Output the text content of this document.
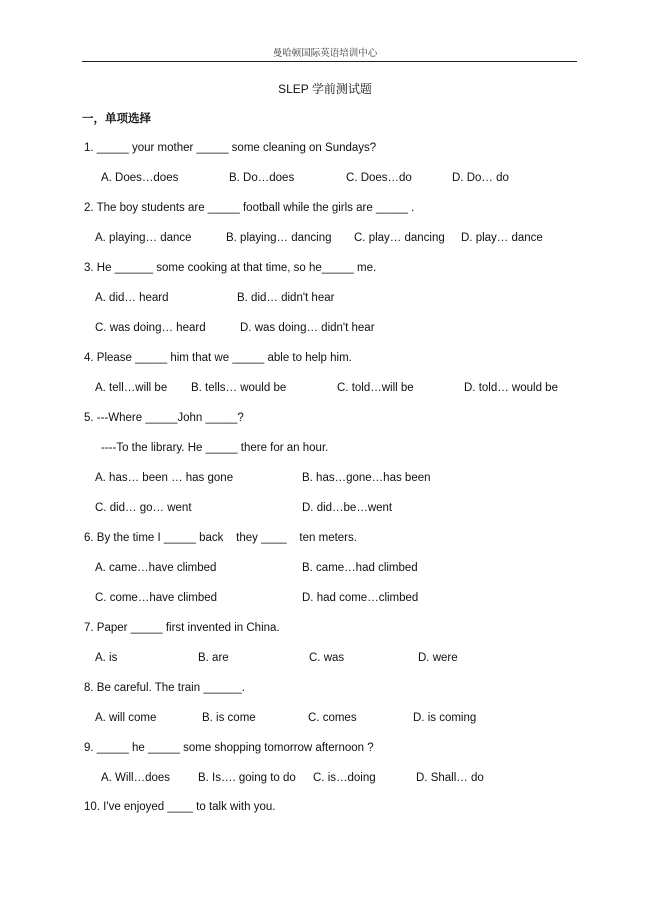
曼哈顿国际英语培训中心
SLEP 学前测试题
一，单项选择
1. _____ your mother _____ some cleaning on Sundays?
A. Does…does	B. Do…does	C. Does…do	D. Do… do
2. The boy students are _____ football while the girls are _____ .
A. playing… dance	B. playing… dancing C. play… dancing D. play… dance
3. He ______ some cooking at that time, so he_____ me.
A. did… heard	B. did… didn't hear
C. was doing… heard	D. was doing… didn't hear
4. Please _____ him that we _____ able to help him.
A. tell…will be B. tells… would be	C. told…will be	D. told… would be
5. ---Where _____John _____?
----To the library. He _____ there for an hour.
A. has… been … has gone	B. has…gone…has been
C. did… go… went	D. did…be…went
6. By the time I _____ back    they ____    ten meters.
A. came…have climbed	B. came…had climbed
C. come…have climbed	D. had come…climbed
7. Paper _____ first invented in China.
A. is	B. are	C. was	D. were
8. Be careful. The train ______.
A. will come	B. is come	C. comes	D. is coming
9. _____ he _____ some shopping tomorrow afternoon ?
A. Will…does B. Is…. going to do C. is…doing	D. Shall… do
10. I've enjoyed ____ to talk with you.
